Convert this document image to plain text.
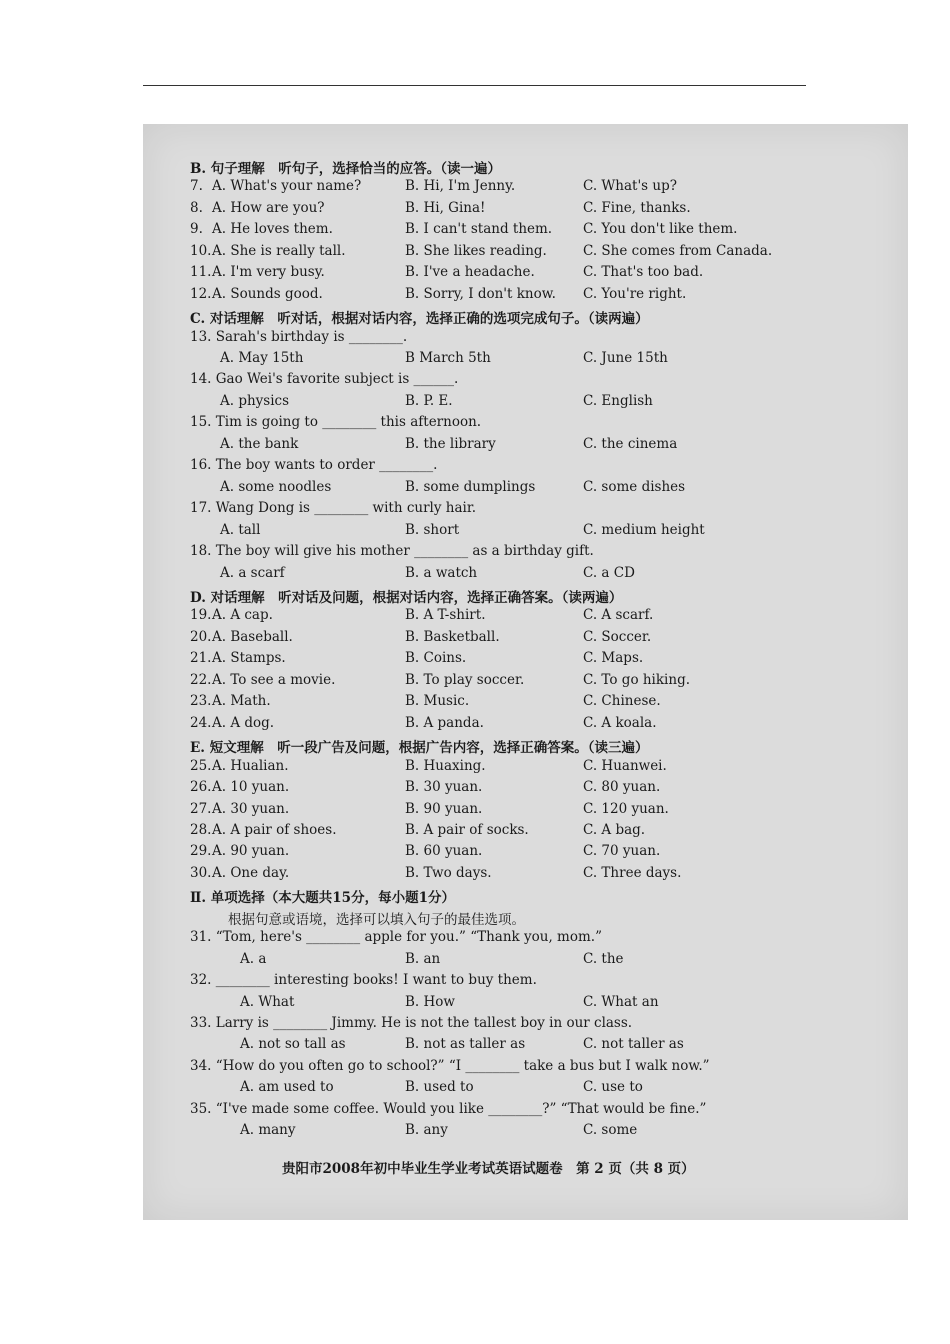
B. 句子理解　听句子，选择恰当的应答。（读一遍）
7. A. What's your name?	B. Hi, I'm Jenny.	C. What's up?
8. A. How are you?	B. Hi, Gina!	C. Fine, thanks.
9. A. He loves them.	B. I can't stand them. C. You don't like them.
10. A. She is really tall.	B. She likes reading.	C. She comes from Canada.
11. A. I'm very busy.	B. I've a headache.	C. That's too bad.
12. A. Sounds good.	B. Sorry, I don't know. C. You're right.
C. 对话理解　听对话，根据对话内容，选择正确的选项完成句子。（读两遍）
13. Sarah's birthday is ________.
A. May 15th	B March 5th	C. June 15th
14. Gao Wei's favorite subject is ______.
A. physics	B. P. E.	C. English
15. Tim is going to ________ this afternoon.
A. the bank	B. the library	C. the cinema
16. The boy wants to order ________.
A. some noodles	B. some dumplings	C. some dishes
17. Wang Dong is ________ with curly hair.
A. tall	B. short	C. medium height
18. The boy will give his mother ________ as a birthday gift.
A. a scarf	B. a watch	C. a CD
D. 对话理解　听对话及问题，根据对话内容，选择正确答案。（读两遍）
19. A. A cap.	B. A T-shirt.	C. A scarf.
20. A. Baseball.	B. Basketball.	C. Soccer.
21. A. Stamps.	B. Coins.	C. Maps.
22. A. To see a movie.	B. To play soccer.	C. To go hiking.
23. A. Math.	B. Music.	C. Chinese.
24. A. A dog.	B. A panda.	C. A koala.
E. 短文理解　听一段广告及问题，根据广告内容，选择正确答案。（读三遍）
25. A. Hualian.	B. Huaxing.	C. Huanwei.
26. A. 10 yuan.	B. 30 yuan.	C. 80 yuan.
27. A. 30 yuan.	B. 90 yuan.	C. 120 yuan.
28. A. A pair of shoes.	B. A pair of socks.	C. A bag.
29. A. 90 yuan.	B. 60 yuan.	C. 70 yuan.
30. A. One day.	B. Two days.	C. Three days.
Ⅱ. 单项选择（本大题共15分，每小题1分）
根据句意或语境，选择可以填入句子的最佳选项。
31. “Tom, here's ________ apple for you.” “Thank you, mom.”
A. a	B. an	C. the
32. ________ interesting books! I want to buy them.
A. What	B. How	C. What an
33. Larry is ________ Jimmy. He is not the tallest boy in our class.
A. not so tall as	B. not as taller as	C. not taller as
34. “How do you often go to school?” “I ________ take a bus but I walk now.”
A. am used to	B. used to	C. use to
35. “I've made some coffee. Would you like ________?” “That would be fine.”
A. many	B. any	C. some
贵阳市2008年初中毕业生学业考试英语试题卷　第 2 页（共 8 页）
